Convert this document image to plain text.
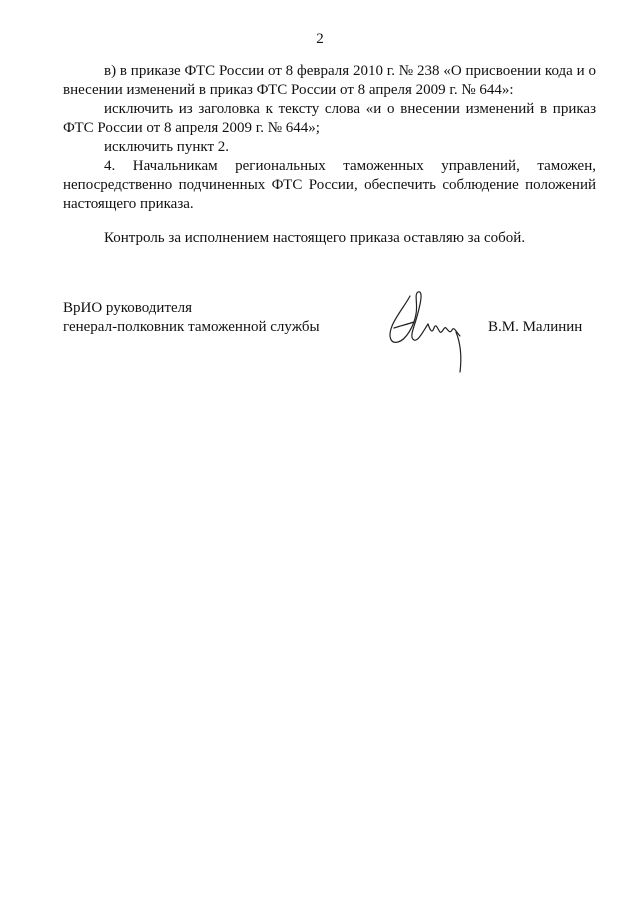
2

в) в приказе ФТС России от 8 февраля 2010 г. № 238 «О присвоении кода и о внесении изменений в приказ ФТС России от 8 апреля 2009 г. № 644»:

исключить из заголовка к тексту слова «и о внесении изменений в приказ ФТС России от 8 апреля 2009 г. № 644»;

исключить пункт 2.

4. Начальникам региональных таможенных управлений, таможен, непосредственно подчиненных ФТС России, обеспечить соблюдение положений настоящего приказа.

Контроль за исполнением настоящего приказа оставляю за собой.
ВрИО руководителя
генерал-полковник таможенной службы	В.М. Малинин
